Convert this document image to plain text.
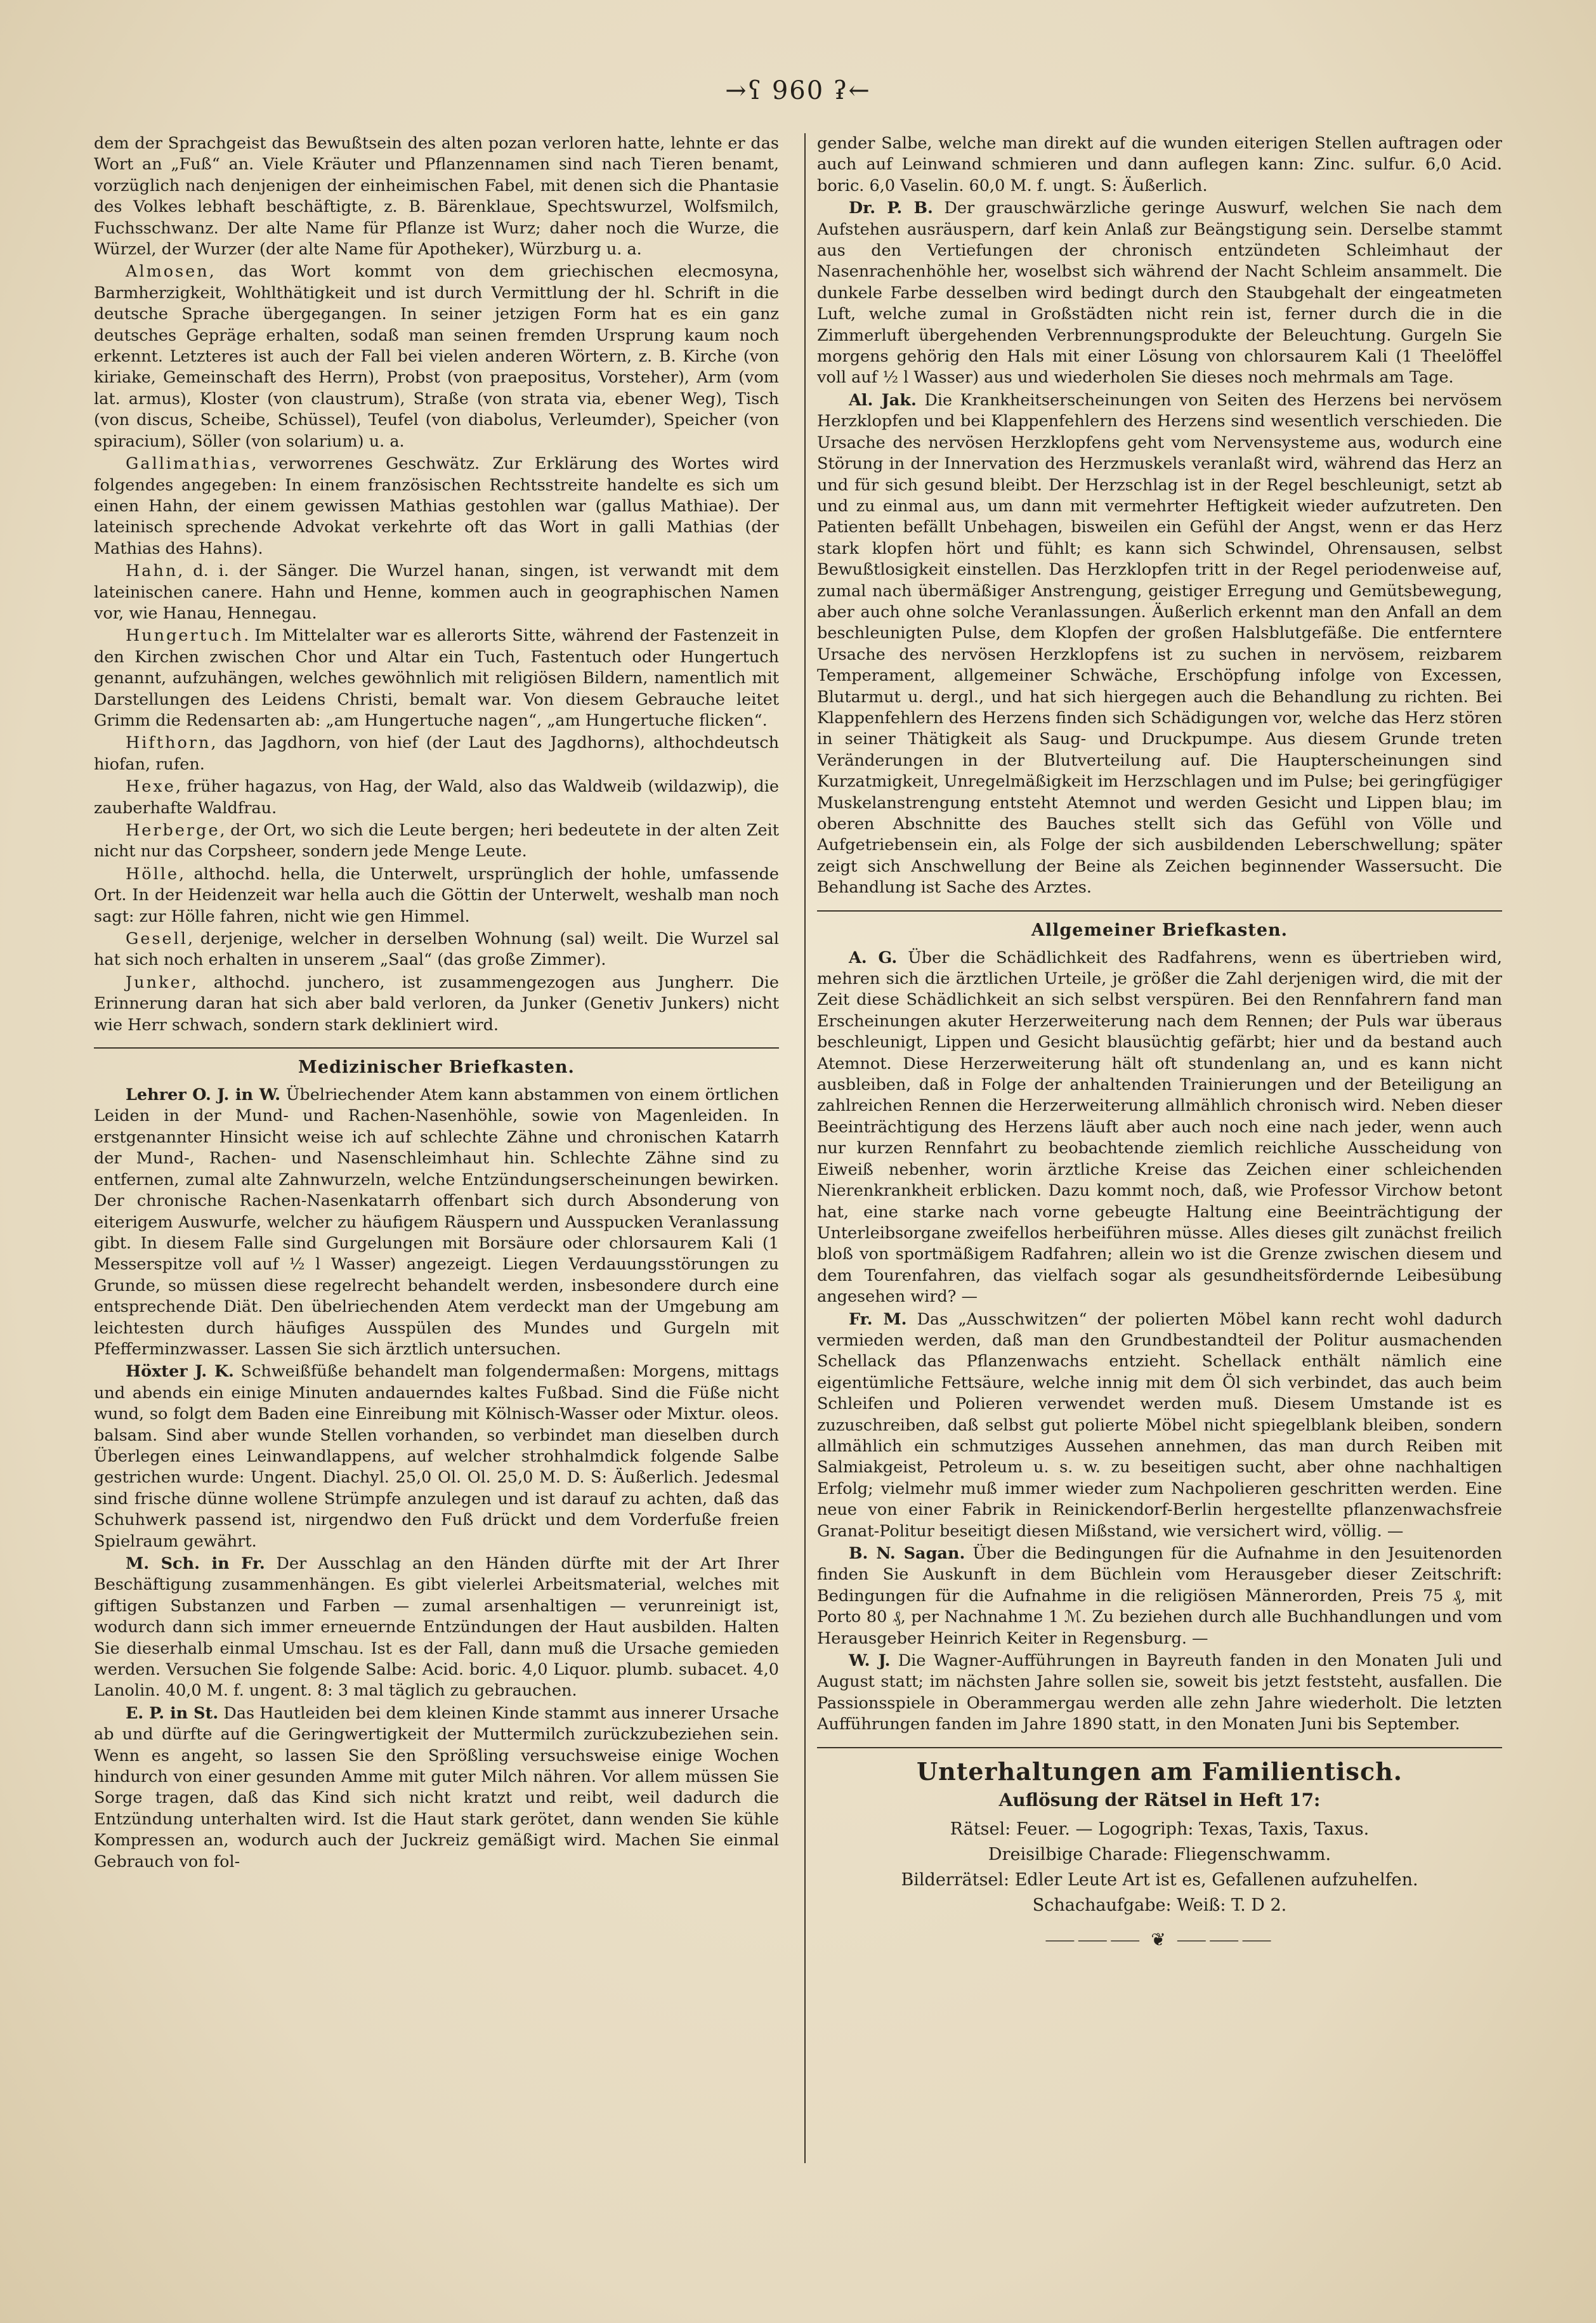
→ʕ 960 ʡ←

dem der Sprachgeist das Bewußtsein des alten pozan verloren hatte, lehnte er das Wort an „Fuß“ an. Viele Kräuter und Pflanzennamen sind nach Tieren benamt, vorzüglich nach denjenigen der einheimischen Fabel, mit denen sich die Phantasie des Volkes lebhaft beschäftigte, z. B. Bärenklaue, Spechtswurzel, Wolfsmilch, Fuchsschwanz. Der alte Name für Pflanze ist Wurz; daher noch die Wurze, die Würzel, der Wurzer (der alte Name für Apotheker), Würzburg u. a.

Almosen, das Wort kommt von dem griechischen elecmosyna, Barmherzigkeit, Wohlthätigkeit und ist durch Vermittlung der hl. Schrift in die deutsche Sprache übergegangen. In seiner jetzigen Form hat es ein ganz deutsches Gepräge erhalten, sodaß man seinen fremden Ursprung kaum noch erkennt. Letzteres ist auch der Fall bei vielen anderen Wörtern, z. B. Kirche (von kiriake, Gemeinschaft des Herrn), Probst (von praepositus, Vorsteher), Arm (vom lat. armus), Kloster (von claustrum), Straße (von strata via, ebener Weg), Tisch (von discus, Scheibe, Schüssel), Teufel (von diabolus, Verleumder), Speicher (von spiracium), Söller (von solarium) u. a.

Gallimathias, verworrenes Geschwätz. Zur Erklärung des Wortes wird folgendes angegeben: In einem französischen Rechtsstreite handelte es sich um einen Hahn, der einem gewissen Mathias gestohlen war (gallus Mathiae). Der lateinisch sprechende Advokat verkehrte oft das Wort in galli Mathias (der Mathias des Hahns).

Hahn, d. i. der Sänger. Die Wurzel hanan, singen, ist verwandt mit dem lateinischen canere. Hahn und Henne, kommen auch in geographischen Namen vor, wie Hanau, Hennegau.

Hungertuch. Im Mittelalter war es allerorts Sitte, während der Fastenzeit in den Kirchen zwischen Chor und Altar ein Tuch, Fastentuch oder Hungertuch genannt, aufzuhängen, welches gewöhnlich mit religiösen Bildern, namentlich mit Darstellungen des Leidens Christi, bemalt war. Von diesem Gebrauche leitet Grimm die Redensarten ab: „am Hungertuche nagen“, „am Hungertuche flicken“.

Hifthorn, das Jagdhorn, von hief (der Laut des Jagdhorns), althochdeutsch hiofan, rufen.

Hexe, früher hagazus, von Hag, der Wald, also das Waldweib (wildazwip), die zauberhafte Waldfrau.

Herberge, der Ort, wo sich die Leute bergen; heri bedeutete in der alten Zeit nicht nur das Corpsheer, sondern jede Menge Leute.

Hölle, althochd. hella, die Unterwelt, ursprünglich der hohle, umfassende Ort. In der Heidenzeit war hella auch die Göttin der Unterwelt, weshalb man noch sagt: zur Hölle fahren, nicht wie gen Himmel.

Gesell, derjenige, welcher in derselben Wohnung (sal) weilt. Die Wurzel sal hat sich noch erhalten in unserem „Saal“ (das große Zimmer).

Junker, althochd. junchero, ist zusammengezogen aus Jungherr. Die Erinnerung daran hat sich aber bald verloren, da Junker (Genetiv Junkers) nicht wie Herr schwach, sondern stark dekliniert wird.

Medizinischer Briefkasten.

Lehrer O. J. in W. Übelriechender Atem kann abstammen von einem örtlichen Leiden in der Mund- und Rachen-Nasenhöhle, sowie von Magenleiden. In erstgenannter Hinsicht weise ich auf schlechte Zähne und chronischen Katarrh der Mund-, Rachen- und Nasenschleimhaut hin. Schlechte Zähne sind zu entfernen, zumal alte Zahnwurzeln, welche Entzündungserscheinungen bewirken. Der chronische Rachen-Nasenkatarrh offenbart sich durch Absonderung von eiterigem Auswurfe, welcher zu häufigem Räuspern und Ausspucken Veranlassung gibt. In diesem Falle sind Gurgelungen mit Borsäure oder chlorsaurem Kali (1 Messerspitze voll auf ½ l Wasser) angezeigt. Liegen Verdauungsstörungen zu Grunde, so müssen diese regelrecht behandelt werden, insbesondere durch eine entsprechende Diät. Den übelriechenden Atem verdeckt man der Umgebung am leichtesten durch häufiges Ausspülen des Mundes und Gurgeln mit Pfefferminzwasser. Lassen Sie sich ärztlich untersuchen.

Höxter J. K. Schweißfüße behandelt man folgendermaßen: Morgens, mittags und abends ein einige Minuten andauerndes kaltes Fußbad. Sind die Füße nicht wund, so folgt dem Baden eine Einreibung mit Kölnisch-Wasser oder Mixtur. oleos. balsam. Sind aber wunde Stellen vorhanden, so verbindet man dieselben durch Überlegen eines Leinwandlappens, auf welcher strohhalmdick folgende Salbe gestrichen wurde: Ungent. Diachyl. 25,0 Ol. Ol. 25,0 M. D. S: Äußerlich. Jedesmal sind frische dünne wollene Strümpfe anzulegen und ist darauf zu achten, daß das Schuhwerk passend ist, nirgendwo den Fuß drückt und dem Vorderfuße freien Spielraum gewährt.

M. Sch. in Fr. Der Ausschlag an den Händen dürfte mit der Art Ihrer Beschäftigung zusammenhängen. Es gibt vielerlei Arbeitsmaterial, welches mit giftigen Substanzen und Farben — zumal arsenhaltigen — verunreinigt ist, wodurch dann sich immer erneuernde Entzündungen der Haut ausbilden. Halten Sie dieserhalb einmal Umschau. Ist es der Fall, dann muß die Ursache gemieden werden. Versuchen Sie folgende Salbe: Acid. boric. 4,0 Liquor. plumb. subacet. 4,0 Lanolin. 40,0 M. f. ungent. 8: 3 mal täglich zu gebrauchen.

E. P. in St. Das Hautleiden bei dem kleinen Kinde stammt aus innerer Ursache ab und dürfte auf die Geringwertigkeit der Muttermilch zurückzubeziehen sein. Wenn es angeht, so lassen Sie den Sprößling versuchsweise einige Wochen hindurch von einer gesunden Amme mit guter Milch nähren. Vor allem müssen Sie Sorge tragen, daß das Kind sich nicht kratzt und reibt, weil dadurch die Entzündung unterhalten wird. Ist die Haut stark gerötet, dann wenden Sie kühle Kompressen an, wodurch auch der Juckreiz gemäßigt wird. Machen Sie einmal Gebrauch von fol-

gender Salbe, welche man direkt auf die wunden eiterigen Stellen auftragen oder auch auf Leinwand schmieren und dann auflegen kann: Zinc. sulfur. 6,0 Acid. boric. 6,0 Vaselin. 60,0 M. f. ungt. S: Äußerlich.

Dr. P. B. Der grauschwärzliche geringe Auswurf, welchen Sie nach dem Aufstehen ausräuspern, darf kein Anlaß zur Beängstigung sein. Derselbe stammt aus den Vertiefungen der chronisch entzündeten Schleimhaut der Nasenrachenhöhle her, woselbst sich während der Nacht Schleim ansammelt. Die dunkele Farbe desselben wird bedingt durch den Staubgehalt der eingeatmeten Luft, welche zumal in Großstädten nicht rein ist, ferner durch die in die Zimmerluft übergehenden Verbrennungsprodukte der Beleuchtung. Gurgeln Sie morgens gehörig den Hals mit einer Lösung von chlorsaurem Kali (1 Theelöffel voll auf ½ l Wasser) aus und wiederholen Sie dieses noch mehrmals am Tage.

Al. Jak. Die Krankheitserscheinungen von Seiten des Herzens bei nervösem Herzklopfen und bei Klappenfehlern des Herzens sind wesentlich verschieden. Die Ursache des nervösen Herzklopfens geht vom Nervensysteme aus, wodurch eine Störung in der Innervation des Herzmuskels veranlaßt wird, während das Herz an und für sich gesund bleibt. Der Herzschlag ist in der Regel beschleunigt, setzt ab und zu einmal aus, um dann mit vermehrter Heftigkeit wieder aufzutreten. Den Patienten befällt Unbehagen, bisweilen ein Gefühl der Angst, wenn er das Herz stark klopfen hört und fühlt; es kann sich Schwindel, Ohrensausen, selbst Bewußtlosigkeit einstellen. Das Herzklopfen tritt in der Regel periodenweise auf, zumal nach übermäßiger Anstrengung, geistiger Erregung und Gemütsbewegung, aber auch ohne solche Veranlassungen. Äußerlich erkennt man den Anfall an dem beschleunigten Pulse, dem Klopfen der großen Halsblutgefäße. Die entferntere Ursache des nervösen Herzklopfens ist zu suchen in nervösem, reizbarem Temperament, allgemeiner Schwäche, Erschöpfung infolge von Excessen, Blutarmut u. dergl., und hat sich hiergegen auch die Behandlung zu richten. Bei Klappenfehlern des Herzens finden sich Schädigungen vor, welche das Herz stören in seiner Thätigkeit als Saug- und Druckpumpe. Aus diesem Grunde treten Veränderungen in der Blutverteilung auf. Die Haupterscheinungen sind Kurzatmigkeit, Unregelmäßigkeit im Herzschlagen und im Pulse; bei geringfügiger Muskelanstrengung entsteht Atemnot und werden Gesicht und Lippen blau; im oberen Abschnitte des Bauches stellt sich das Gefühl von Völle und Aufgetriebensein ein, als Folge der sich ausbildenden Leberschwellung; später zeigt sich Anschwellung der Beine als Zeichen beginnender Wassersucht. Die Behandlung ist Sache des Arztes.

Allgemeiner Briefkasten.

A. G. Über die Schädlichkeit des Radfahrens, wenn es übertrieben wird, mehren sich die ärztlichen Urteile, je größer die Zahl derjenigen wird, die mit der Zeit diese Schädlichkeit an sich selbst verspüren. Bei den Rennfahrern fand man Erscheinungen akuter Herzerweiterung nach dem Rennen; der Puls war überaus beschleunigt, Lippen und Gesicht blausüchtig gefärbt; hier und da bestand auch Atemnot. Diese Herzerweiterung hält oft stundenlang an, und es kann nicht ausbleiben, daß in Folge der anhaltenden Trainierungen und der Beteiligung an zahlreichen Rennen die Herzerweiterung allmählich chronisch wird. Neben dieser Beeinträchtigung des Herzens läuft aber auch noch eine nach jeder, wenn auch nur kurzen Rennfahrt zu beobachtende ziemlich reichliche Ausscheidung von Eiweiß nebenher, worin ärztliche Kreise das Zeichen einer schleichenden Nierenkrankheit erblicken. Dazu kommt noch, daß, wie Professor Virchow betont hat, eine starke nach vorne gebeugte Haltung eine Beeinträchtigung der Unterleibsorgane zweifellos herbeiführen müsse. Alles dieses gilt zunächst freilich bloß von sportmäßigem Radfahren; allein wo ist die Grenze zwischen diesem und dem Tourenfahren, das vielfach sogar als gesundheitsfördernde Leibesübung angesehen wird? —

Fr. M. Das „Ausschwitzen“ der polierten Möbel kann recht wohl dadurch vermieden werden, daß man den Grundbestandteil der Politur ausmachenden Schellack das Pflanzenwachs entzieht. Schellack enthält nämlich eine eigentümliche Fettsäure, welche innig mit dem Öl sich verbindet, das auch beim Schleifen und Polieren verwendet werden muß. Diesem Umstande ist es zuzuschreiben, daß selbst gut polierte Möbel nicht spiegelblank bleiben, sondern allmählich ein schmutziges Aussehen annehmen, das man durch Reiben mit Salmiakgeist, Petroleum u. s. w. zu beseitigen sucht, aber ohne nachhaltigen Erfolg; vielmehr muß immer wieder zum Nachpolieren geschritten werden. Eine neue von einer Fabrik in Reinickendorf-Berlin hergestellte pflanzenwachsfreie Granat-Politur beseitigt diesen Mißstand, wie versichert wird, völlig. —

B. N. Sagan. Über die Bedingungen für die Aufnahme in den Jesuitenorden finden Sie Auskunft in dem Büchlein vom Herausgeber dieser Zeitschrift: Bedingungen für die Aufnahme in die religiösen Männerorden, Preis 75 ₰, mit Porto 80 ₰, per Nachnahme 1 ℳ. Zu beziehen durch alle Buchhandlungen und vom Herausgeber Heinrich Keiter in Regensburg. —

W. J. Die Wagner-Aufführungen in Bayreuth fanden in den Monaten Juli und August statt; im nächsten Jahre sollen sie, soweit bis jetzt feststeht, ausfallen. Die Passionsspiele in Oberammergau werden alle zehn Jahre wiederholt. Die letzten Aufführungen fanden im Jahre 1890 statt, in den Monaten Juni bis September.

Unterhaltungen am Familientisch.
Auflösung der Rätsel in Heft 17:
Rätsel: Feuer. — Logogriph: Texas, Taxis, Taxus.
Dreisilbige Charade: Fliegenschwamm.
Bilderrätsel: Edler Leute Art ist es, Gefallenen aufzuhelfen.
Schachaufgabe: Weiß: T. D 2.
⸺⸺⸺ ❦ ⸺⸺⸺
